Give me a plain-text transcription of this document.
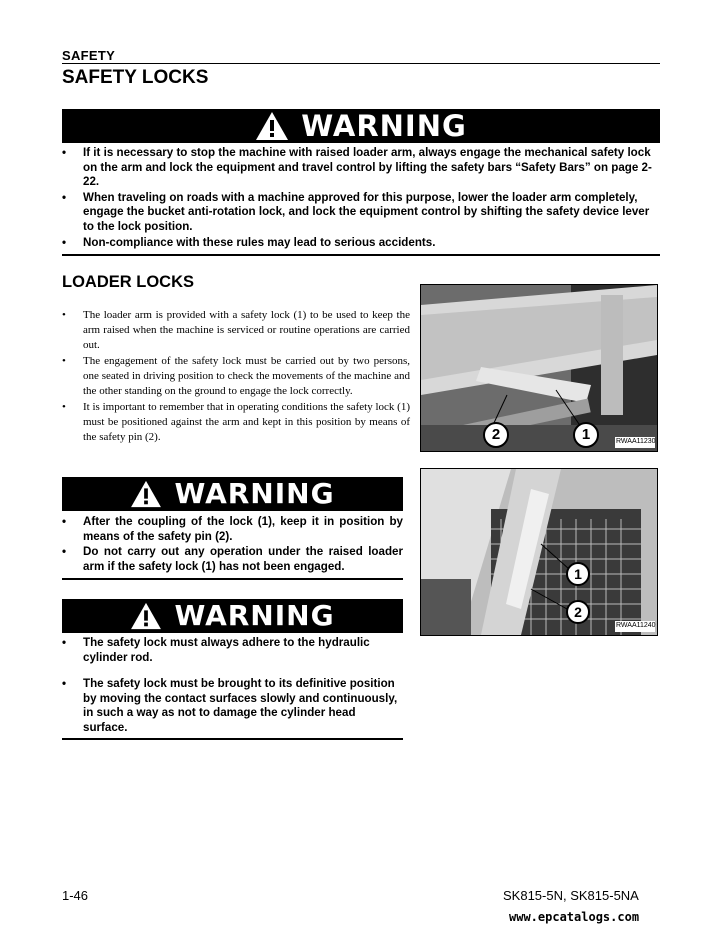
SAFETY
SAFETY LOCKS
WARNING
• If it is necessary to stop the machine with raised loader arm, always engage the mechanical safety lock on the arm and lock the equipment and travel control by lifting the safety bars “Safety Bars” on page 2-22.
• When traveling on roads with a machine approved for this purpose, lower the loader arm completely, engage the bucket anti-rotation lock, and lock the equipment control by shifting the safety device lever to the lock position.
• Non-compliance with these rules may lead to serious accidents.
LOADER LOCKS
• The loader arm is provided with a safety lock (1) to be used to keep the arm raised when the machine is serviced or routine operations are carried out.
• The engagement of the safety lock must be carried out by two persons, one seated in driving position to check the movements of the machine and the other standing on the ground to engage the lock correctly.
• It is important to remember that in operating conditions the safety lock (1) must be positioned against the arm and kept in this position by means of the safety pin (2).	2	1	RWAA11230
WARNING
• After the coupling of the lock (1), keep it in position by means of the safety pin (2).
• Do not carry out any operation under the raised loader arm if the safety lock (1) has not been engaged.	1
2
RWAA11240
WARNING
• The safety lock must always adhere to the hydraulic cylinder rod.
• The safety lock must be brought to its definitive position by moving the contact surfaces slowly and continuously, in such a way as not to damage the cylinder head surface.
1-46	SK815-5N, SK815-5NA
www.epcatalogs.com
